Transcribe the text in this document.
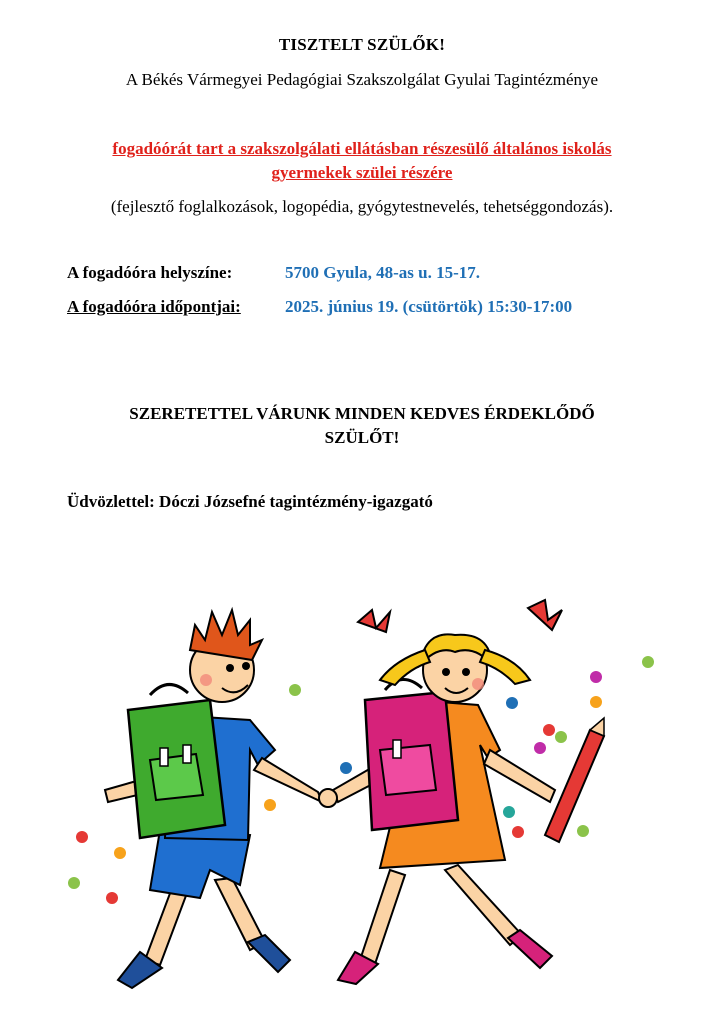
TISZTELT SZÜLŐK!
A Békés Vármegyei Pedagógiai Szakszolgálat Gyulai Tagintézménye
fogadóórát tart a szakszolgálati ellátásban részesülő általános iskolás
gyermekek szülei részére
(fejlesztő foglalkozások, logopédia, gyógytestnevelés, tehetséggondozás).
A fogadóóra helyszíne:	5700 Gyula, 48-as u. 15-17.
A fogadóóra időpontjai:	2025. június 19. (csütörtök) 15:30-17:00
SZERETETTEL VÁRUNK MINDEN KEDVES ÉRDEKLŐDŐ
SZÜLŐT!
Üdvözlettel: Dóczi Józsefné tagintézmény-igazgató
